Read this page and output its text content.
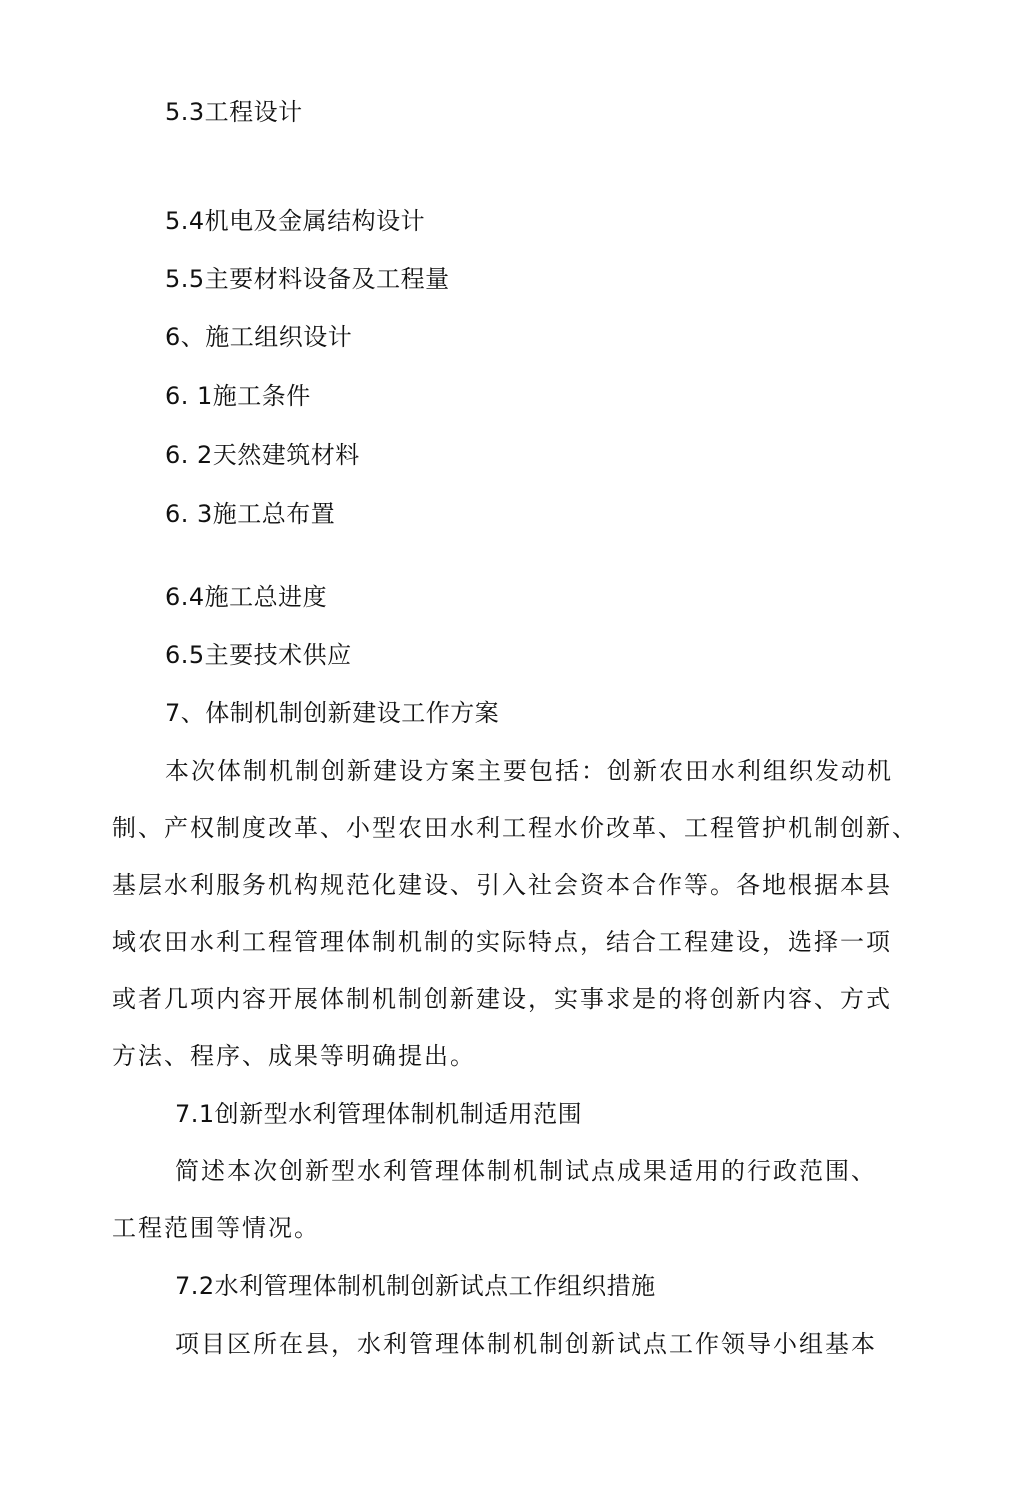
5.3工程设计
5.4机电及金属结构设计
5.5主要材料设备及工程量
6、施工组织设计
6. 1施工条件
6. 2天然建筑材料
6. 3施工总布置
6.4施工总进度
6.5主要技术供应
7、体制机制创新建设工作方案
本次体制机制创新建设方案主要包括：创新农田水利组织发动机
制、产权制度改革、小型农田水利工程水价改革、工程管护机制创新、
基层水利服务机构规范化建设、引入社会资本合作等。各地根据本县
域农田水利工程管理体制机制的实际特点，结合工程建设，选择一项
或者几项内容开展体制机制创新建设，实事求是的将创新内容、方式
方法、程序、成果等明确提出。
7.1创新型水利管理体制机制适用范围
简述本次创新型水利管理体制机制试点成果适用的行政范围、
工程范围等情况。
7.2水利管理体制机制创新试点工作组织措施
项目区所在县，水利管理体制机制创新试点工作领导小组基本
